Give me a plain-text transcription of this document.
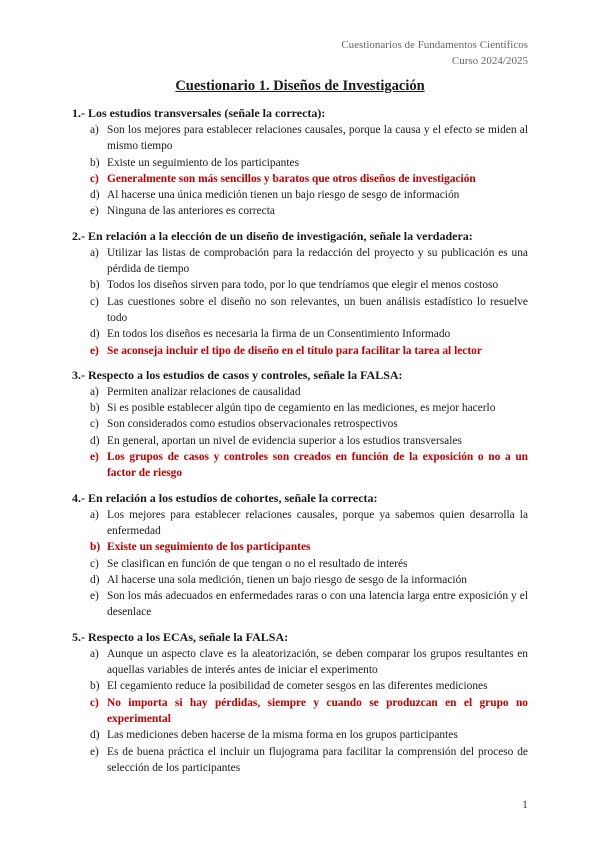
Cuestionarios de Fundamentos Científicos
Curso 2024/2025
Cuestionario 1. Diseños de Investigación
1.- Los estudios transversales (señale la correcta):
a) Son los mejores para establecer relaciones causales, porque la causa y el efecto se miden al mismo tiempo
b) Existe un seguimiento de los participantes
c) Generalmente son más sencillos y baratos que otros diseños de investigación
d) Al hacerse una única medición tienen un bajo riesgo de sesgo de información
e) Ninguna de las anteriores es correcta
2.- En relación a la elección de un diseño de investigación, señale la verdadera:
a) Utilizar las listas de comprobación para la redacción del proyecto y su publicación es una pérdida de tiempo
b) Todos los diseños sirven para todo, por lo que tendríamos que elegir el menos costoso
c) Las cuestiones sobre el diseño no son relevantes, un buen análisis estadístico lo resuelve todo
d) En todos los diseños es necesaria la firma de un Consentimiento Informado
e) Se aconseja incluir el tipo de diseño en el título para facilitar la tarea al lector
3.- Respecto a los estudios de casos y controles, señale la FALSA:
a) Permiten analizar relaciones de causalidad
b) Si es posible establecer algún tipo de cegamiento en las mediciones, es mejor hacerlo
c) Son considerados como estudios observacionales retrospectivos
d) En general, aportan un nivel de evidencia superior a los estudios transversales
e) Los grupos de casos y controles son creados en función de la exposición o no a un factor de riesgo
4.- En relación a los estudios de cohortes, señale la correcta:
a) Los mejores para establecer relaciones causales, porque ya sabemos quien desarrolla la enfermedad
b) Existe un seguimiento de los participantes
c) Se clasifican en función de que tengan o no el resultado de interés
d) Al hacerse una sola medición, tienen un bajo riesgo de sesgo de la información
e) Son los más adecuados en enfermedades raras o con una latencia larga entre exposición y el desenlace
5.- Respecto a los ECAs, señale la FALSA:
a) Aunque un aspecto clave es la aleatorización, se deben comparar los grupos resultantes en aquellas variables de interés antes de iniciar el experimento
b) El cegamiento reduce la posibilidad de cometer sesgos en las diferentes mediciones
c) No importa si hay pérdidas, siempre y cuando se produzcan en el grupo no experimental
d) Las mediciones deben hacerse de la misma forma en los grupos participantes
e) Es de buena práctica el incluir un flujograma para facilitar la comprensión del proceso de selección de los participantes
1
